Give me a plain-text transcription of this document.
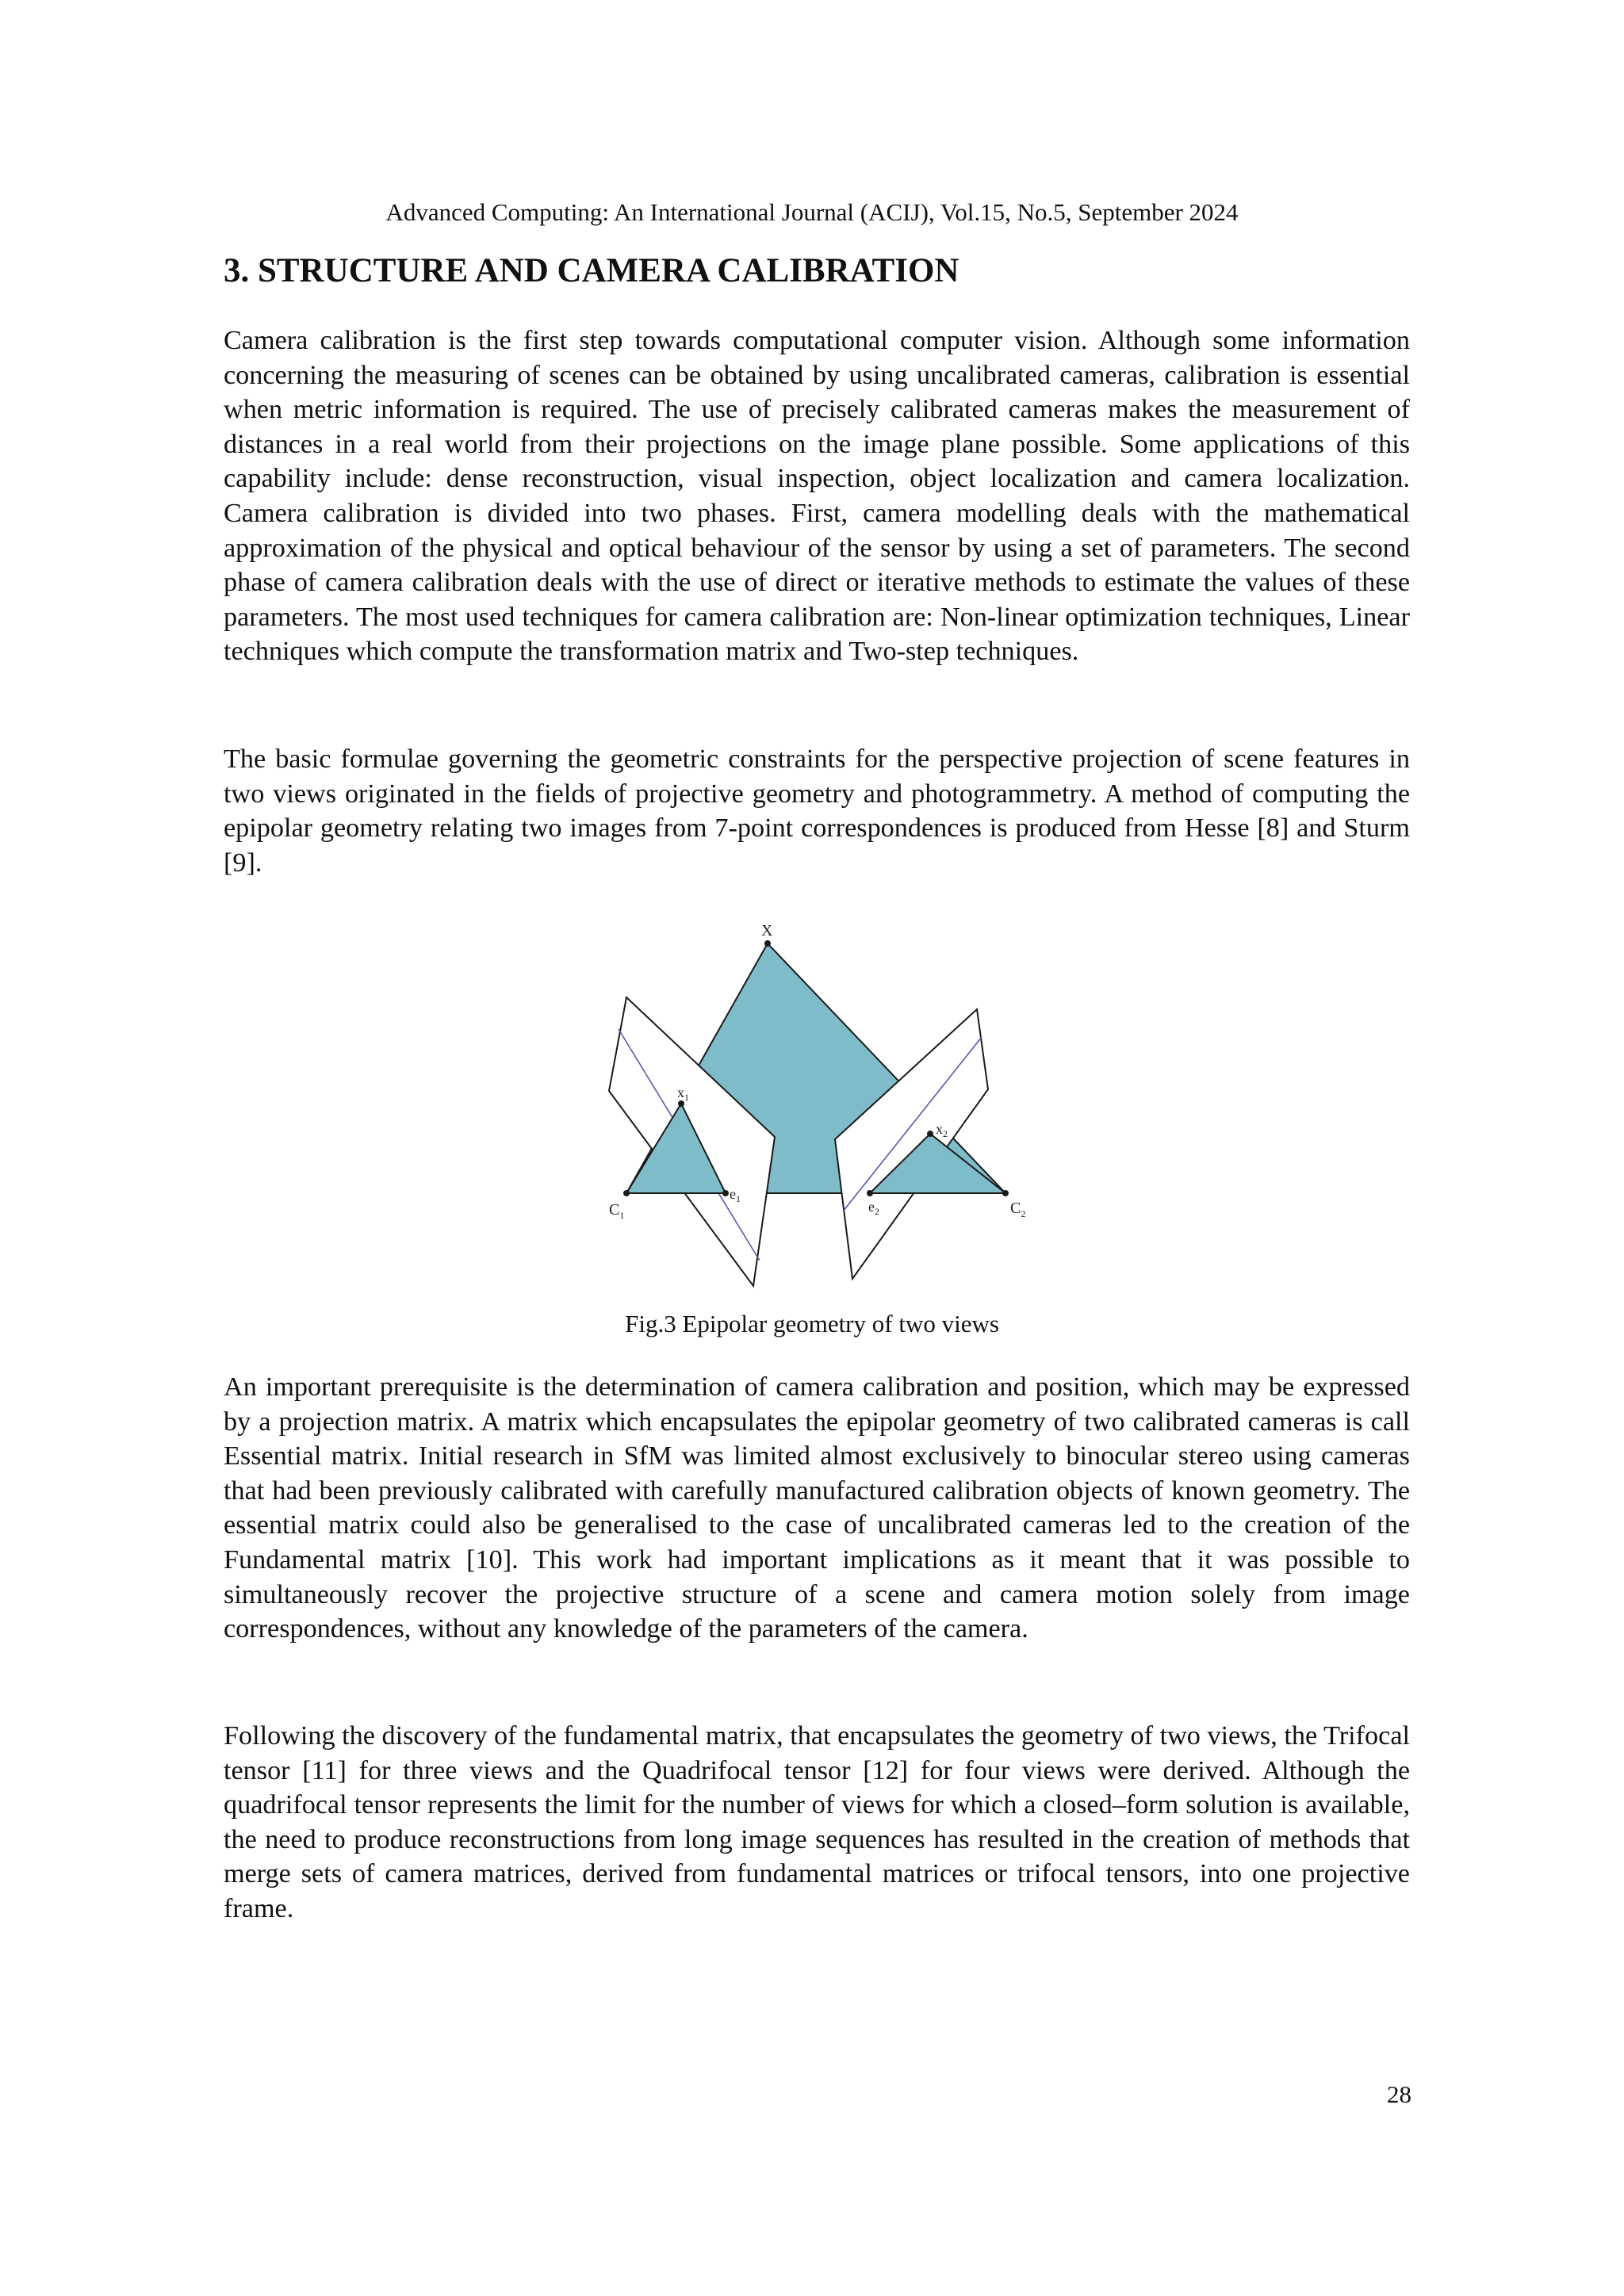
Advanced Computing: An International Journal (ACIJ), Vol.15, No.5, September 2024
3. STRUCTURE AND CAMERA CALIBRATION

Camera calibration is the first step towards computational computer vision. Although some information concerning the measuring of scenes can be obtained by using uncalibrated cameras, calibration is essential when metric information is required. The use of precisely calibrated cameras makes the measurement of distances in a real world from their projections on the image plane possible. Some applications of this capability include: dense reconstruction, visual inspection, object localization and camera localization. Camera calibration is divided into two phases. First, camera modelling deals with the mathematical approximation of the physical and optical behaviour of the sensor by using a set of parameters. The second phase of camera calibration deals with the use of direct or iterative methods to estimate the values of these parameters. The most used techniques for camera calibration are: Non-linear optimization techniques, Linear techniques which compute the transformation matrix and Two-step techniques.

The basic formulae governing the geometric constraints for the perspective projection of scene features in two views originated in the fields of projective geometry and photogrammetry. A method of computing the epipolar geometry relating two images from 7-point correspondences is produced from Hesse [8] and Sturm [9].

X
$x_1$
$x_2$
$C_1$
$e_1$	$e_2$	$C_2$
Fig.3 Epipolar geometry of two views

An important prerequisite is the determination of camera calibration and position, which may be expressed by a projection matrix. A matrix which encapsulates the epipolar geometry of two calibrated cameras is call Essential matrix. Initial research in SfM was limited almost exclusively to binocular stereo using cameras that had been previously calibrated with carefully manufactured calibration objects of known geometry. The essential matrix could also be generalised to the case of uncalibrated cameras led to the creation of the Fundamental matrix [10]. This work had important implications as it meant that it was possible to simultaneously recover the projective structure of a scene and camera motion solely from image correspondences, without any knowledge of the parameters of the camera.

Following the discovery of the fundamental matrix, that encapsulates the geometry of two views, the Trifocal tensor [11] for three views and the Quadrifocal tensor [12] for four views were derived. Although the quadrifocal tensor represents the limit for the number of views for which a closed–form solution is available, the need to produce reconstructions from long image sequences has resulted in the creation of methods that merge sets of camera matrices, derived from fundamental matrices or trifocal tensors, into one projective frame.

28
